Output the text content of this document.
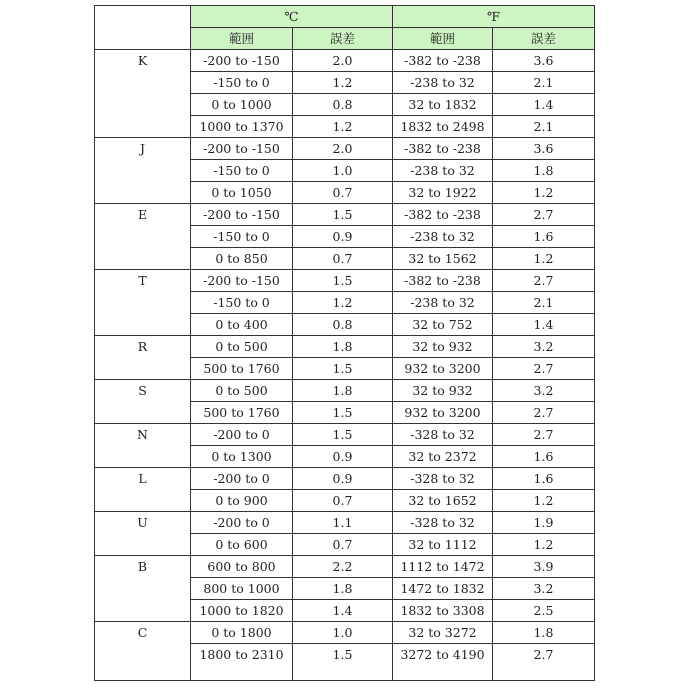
	℃		℉	
	範囲	誤差	範囲	誤差
K	-200 to -150	2.0	-382 to -238	3.6
	-150 to 0	1.2	-238 to 32	2.1
	0 to 1000	0.8	32 to 1832	1.4
	1000 to 1370	1.2	1832 to 2498	2.1
J	-200 to -150	2.0	-382 to -238	3.6
	-150 to 0	1.0	-238 to 32	1.8
	0 to 1050	0.7	32 to 1922	1.2
E	-200 to -150	1.5	-382 to -238	2.7
	-150 to 0	0.9	-238 to 32	1.6
	0 to 850	0.7	32 to 1562	1.2
T	-200 to -150	1.5	-382 to -238	2.7
	-150 to 0	1.2	-238 to 32	2.1
	0 to 400	0.8	32 to 752	1.4
R	0 to 500	1.8	32 to 932	3.2
	500 to 1760	1.5	932 to 3200	2.7
S	0 to 500	1.8	32 to 932	3.2
	500 to 1760	1.5	932 to 3200	2.7
N	-200 to 0	1.5	-328 to 32	2.7
	0 to 1300	0.9	32 to 2372	1.6
L	-200 to 0	0.9	-328 to 32	1.6
	0 to 900	0.7	32 to 1652	1.2
U	-200 to 0	1.1	-328 to 32	1.9
	0 to 600	0.7	32 to 1112	1.2
B	600 to 800	2.2	1112 to 1472	3.9
	800 to 1000	1.8	1472 to 1832	3.2
	1000 to 1820	1.4	1832 to 3308	2.5
C	0 to 1800	1.0	32 to 3272	1.8
	1800 to 2310	1.5	3272 to 4190	2.7
